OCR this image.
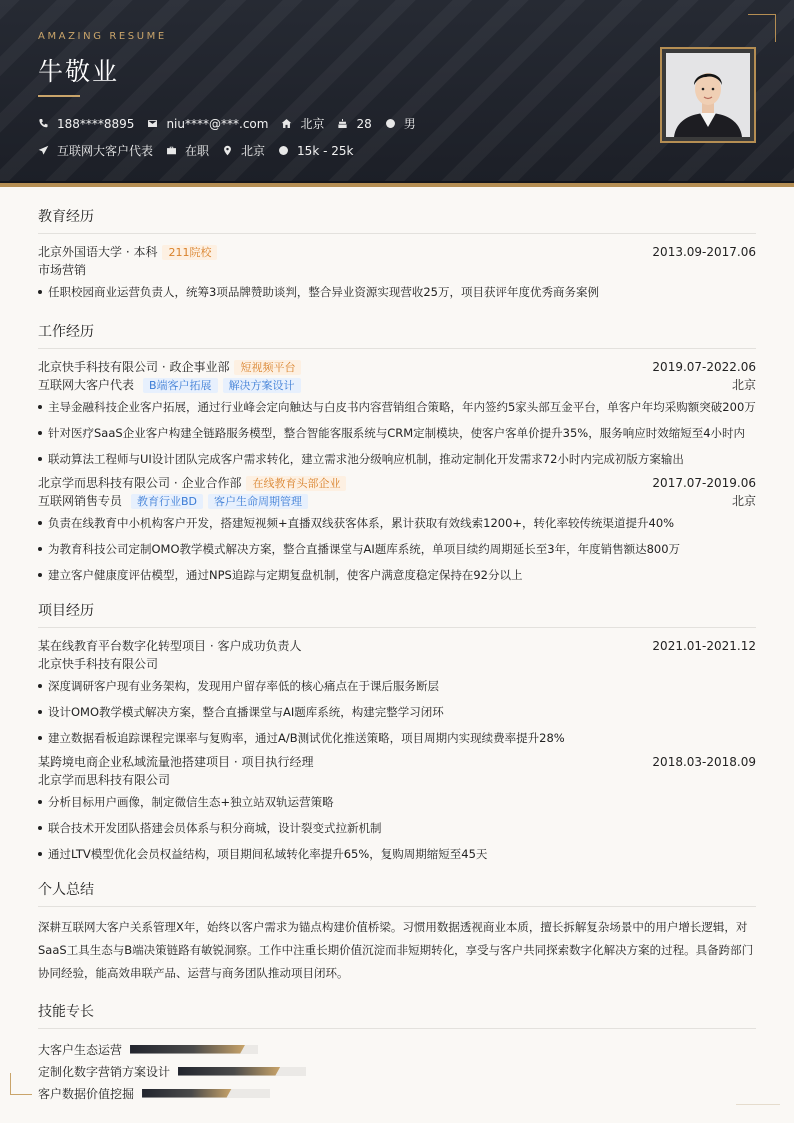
AMAZING RESUME
牛敬业
188****8895	niu****@***.com	北京	28	男
互联网大客户代表	在职	北京	15k - 25k
教育经历
北京外国语大学 · 本科	211院校	2013.09-2017.06
市场营销
任职校园商业运营负责人，统筹3项品牌赞助谈判，整合异业资源实现营收25万，项目获评年度优秀商务案例
工作经历
北京快手科技有限公司 · 政企事业部	短视频平台	2019.07-2022.06
互联网大客户代表	B端客户拓展	解决方案设计	北京
主导金融科技企业客户拓展，通过行业峰会定向触达与白皮书内容营销组合策略，年内签约5家头部互金平台，单客户年均采购额突破200万
针对医疗SaaS企业客户构建全链路服务模型，整合智能客服系统与CRM定制模块，使客户客单价提升35%，服务响应时效缩短至4小时内
联动算法工程师与UI设计团队完成客户需求转化，建立需求池分级响应机制，推动定制化开发需求72小时内完成初版方案输出
北京学而思科技有限公司 · 企业合作部	在线教育头部企业	2017.07-2019.06
互联网销售专员	教育行业BD	客户生命周期管理	北京
负责在线教育中小机构客户开发，搭建短视频+直播双线获客体系，累计获取有效线索1200+，转化率较传统渠道提升40%
为教育科技公司定制OMO教学模式解决方案，整合直播课堂与AI题库系统，单项目续约周期延长至3年，年度销售额达800万
建立客户健康度评估模型，通过NPS追踪与定期复盘机制，使客户满意度稳定保持在92分以上
项目经历
某在线教育平台数字化转型项目 · 客户成功负责人	2021.01-2021.12
北京快手科技有限公司
深度调研客户现有业务架构，发现用户留存率低的核心痛点在于课后服务断层
设计OMO教学模式解决方案，整合直播课堂与AI题库系统，构建完整学习闭环
建立数据看板追踪课程完课率与复购率，通过A/B测试优化推送策略，项目周期内实现续费率提升28%
某跨境电商企业私域流量池搭建项目 · 项目执行经理	2018.03-2018.09
北京学而思科技有限公司
分析目标用户画像，制定微信生态+独立站双轨运营策略
联合技术开发团队搭建会员体系与积分商城，设计裂变式拉新机制
通过LTV模型优化会员权益结构，项目期间私域转化率提升65%，复购周期缩短至45天
个人总结
深耕互联网大客户关系管理X年，始终以客户需求为锚点构建价值桥梁。习惯用数据透视商业本质，擅长拆解复杂场景中的用户增长逻辑，对SaaS工具生态与B端决策链路有敏锐洞察。工作中注重长期价值沉淀而非短期转化，享受与客户共同探索数字化解决方案的过程。具备跨部门协同经验，能高效串联产品、运营与商务团队推动项目闭环。
技能专长
大客户生态运营
定制化数字营销方案设计
客户数据价值挖掘
